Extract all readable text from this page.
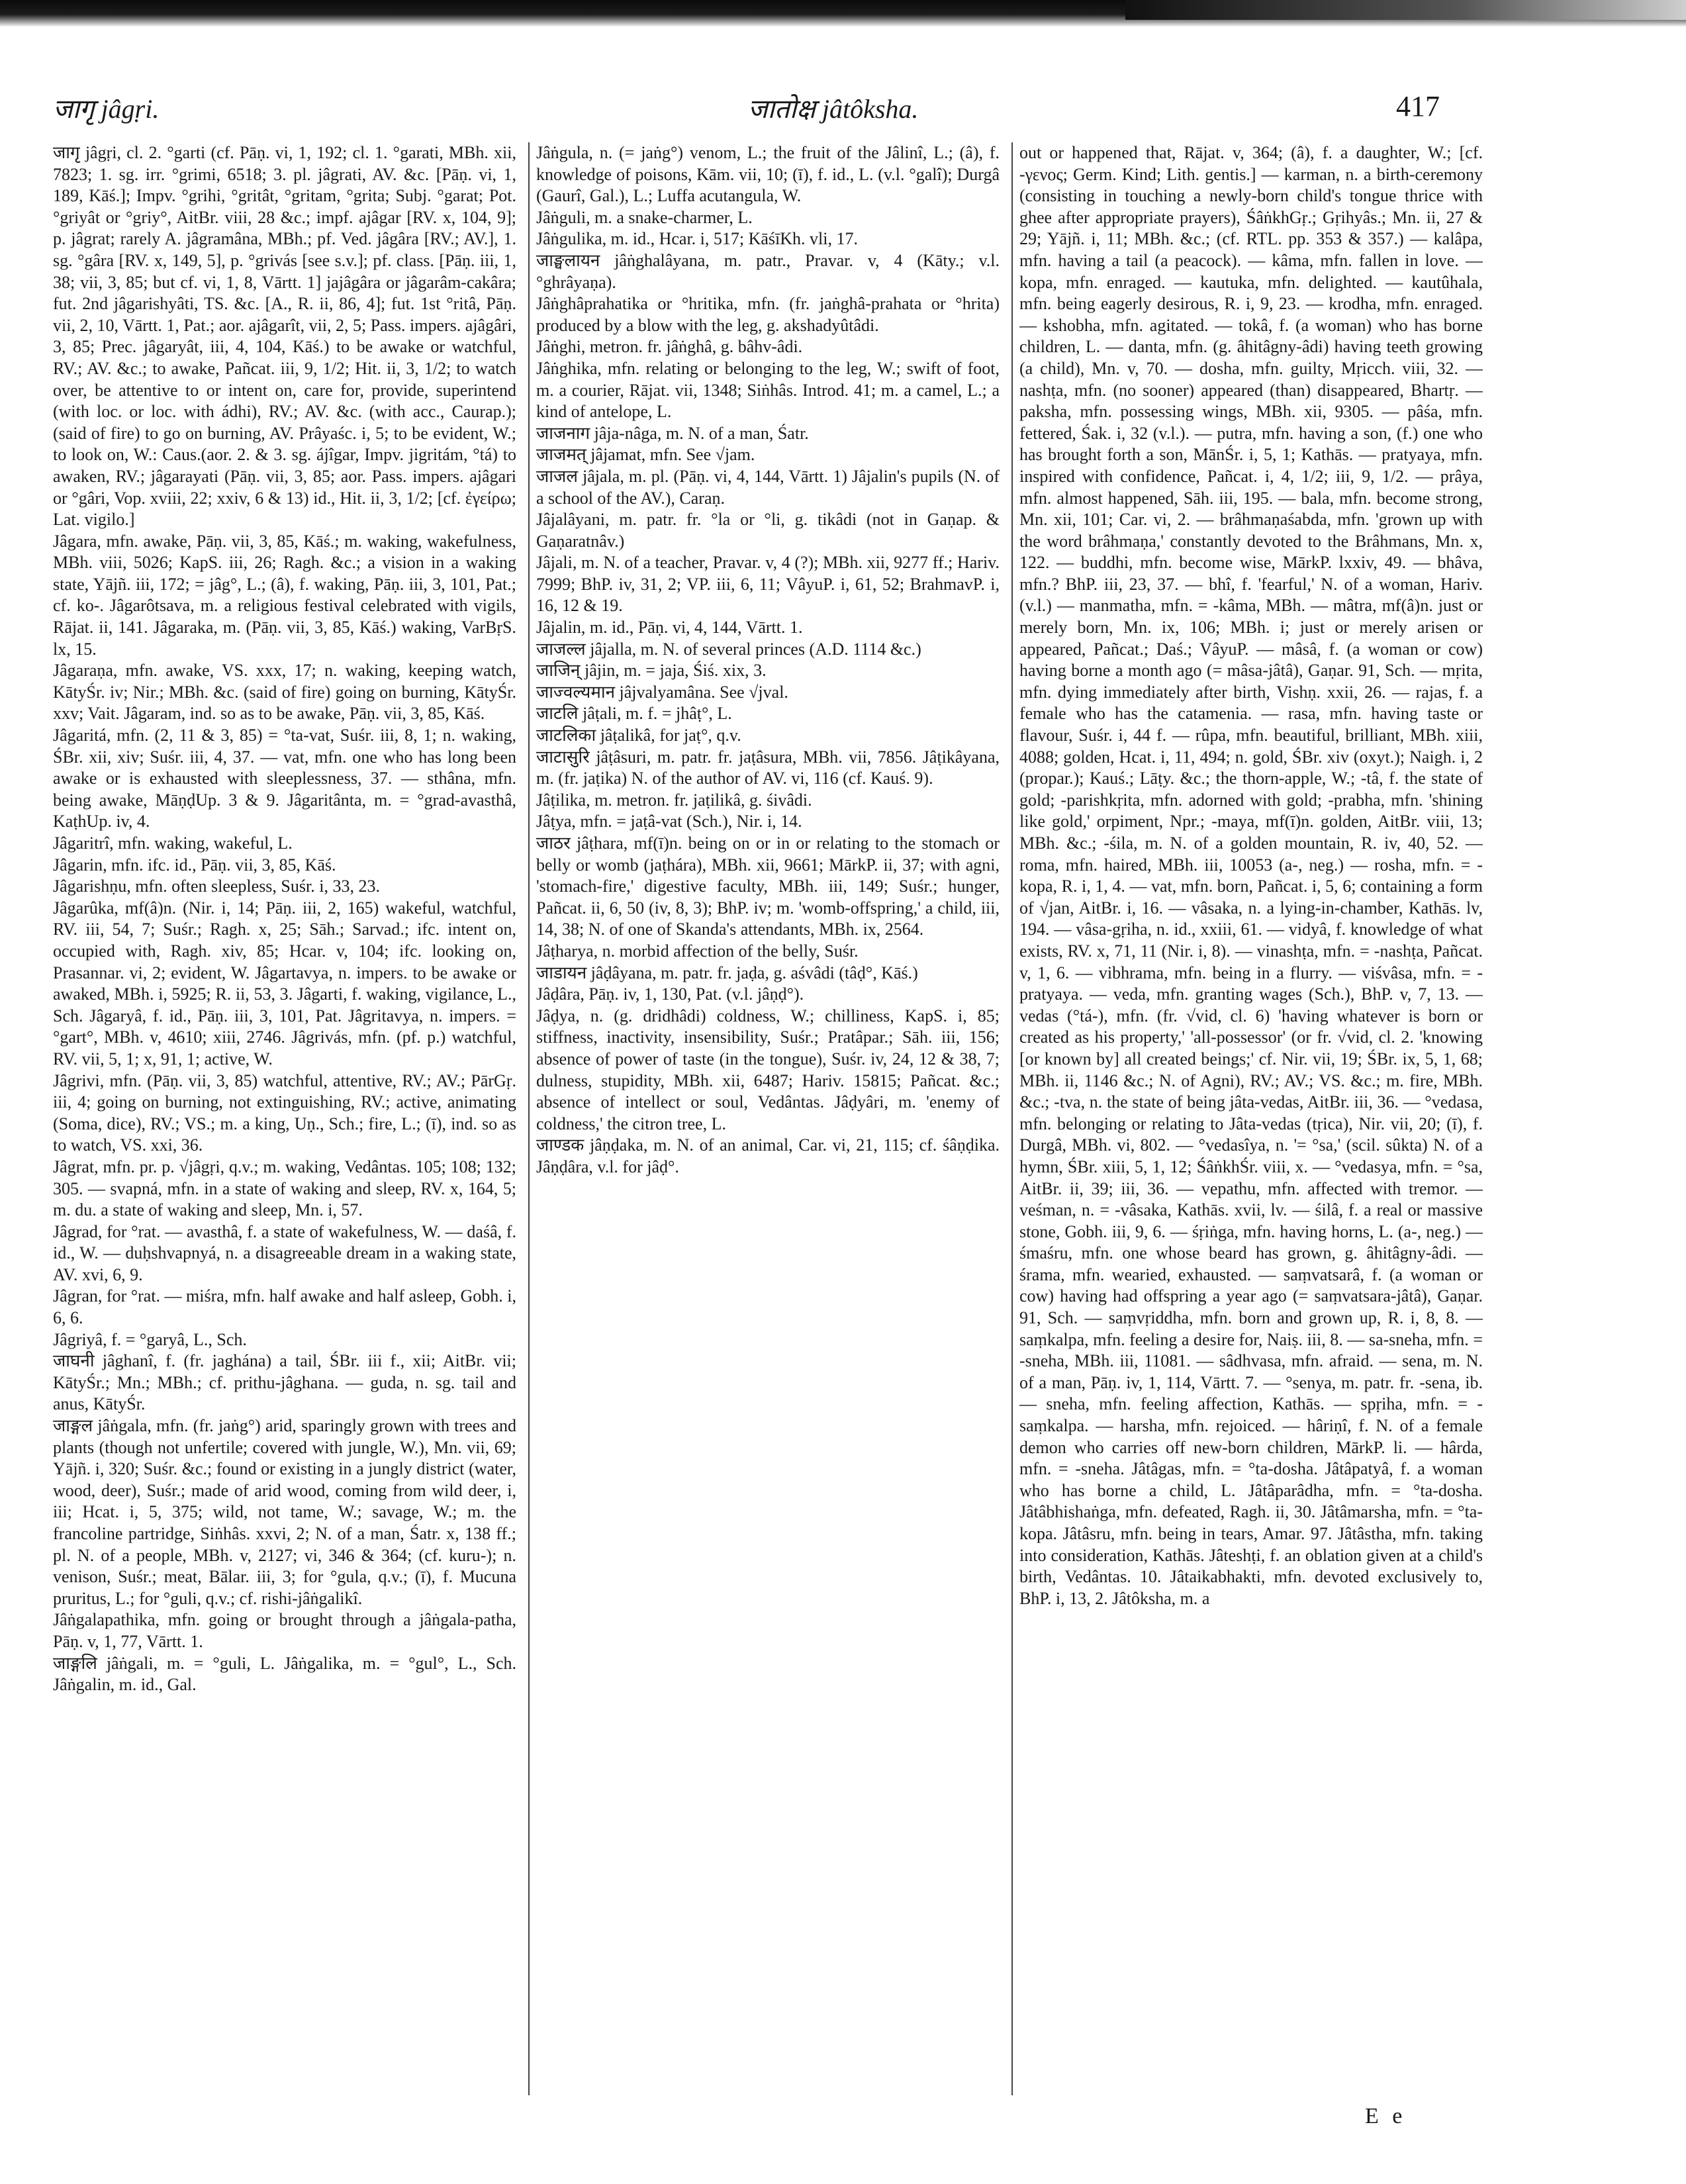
जागृ jâgṛi.	जातोक्ष jâtôksha.	417

जागृ jâgṛi, cl. 2. °garti (cf. Pāṇ. vi, 1, 192; cl. 1. °garati, MBh. xii, 7823; 1. sg. irr. °grimi, 6518; 3. pl. jâgrati, AV. &c. [Pāṇ. vi, 1, 189, Kāś.]; Impv. °grihi, °gritât, °gritam, °grita; Subj. °garat; Pot. °griyât or °griy°, AitBr. viii, 28 &c.; impf. ajâgar [RV. x, 104, 9]; p. jâgrat; rarely A. jâgramâna, MBh.; pf. Ved. jâgâra [RV.; AV.], 1. sg. °gâra [RV. x, 149, 5], p. °grivás [see s.v.]; pf. class. [Pāṇ. iii, 1, 38; vii, 3, 85; but cf. vi, 1, 8, Vārtt. 1] jajâgâra or jâgarâm-cakâra; fut. 2nd jâgarishyâti, TS. &c. [A., R. ii, 86, 4]; fut. 1st °ritâ, Pāṇ. vii, 2, 10, Vārtt. 1, Pat.; aor. ajâgarît, vii, 2, 5; Pass. impers. ajâgâri, 3, 85; Prec. jâgaryât, iii, 4, 104, Kāś.) to be awake or watchful, RV.; AV. &c.; to awake, Pañcat. iii, 9, 1/2; Hit. ii, 3, 1/2; to watch over, be attentive to or intent on, care for, provide, superintend (with loc. or loc. with ádhi), RV.; AV. &c. (with acc., Caurap.); (said of fire) to go on burning, AV. Prâyaśc. i, 5; to be evident, W.; to look on, W.: Caus.(aor. 2. & 3. sg. ájîgar, Impv. jigritám, °tá) to awaken, RV.; jâgarayati (Pāṇ. vii, 3, 85; aor. Pass. impers. ajâgari or °gâri, Vop. xviii, 22; xxiv, 6 & 13) id., Hit. ii, 3, 1/2; [cf. ἐγείρω; Lat. vigilo.]

Jâgara, mfn. awake, Pāṇ. vii, 3, 85, Kāś.; m. waking, wakefulness, MBh. viii, 5026; KapS. iii, 26; Ragh. &c.; a vision in a waking state, Yājñ. iii, 172; = jâg°, L.; (â), f. waking, Pāṇ. iii, 3, 101, Pat.; cf. ko-. Jâgarôtsava, m. a religious festival celebrated with vigils, Rājat. ii, 141. Jâgaraka, m. (Pāṇ. vii, 3, 85, Kāś.) waking, VarBṛS. lx, 15.

Jâgaraṇa, mfn. awake, VS. xxx, 17; n. waking, keeping watch, KātyŚr. iv; Nir.; MBh. &c. (said of fire) going on burning, KātyŚr. xxv; Vait. Jâgaram, ind. so as to be awake, Pāṇ. vii, 3, 85, Kāś.

Jâgaritá, mfn. (2, 11 & 3, 85) = °ta-vat, Suśr. iii, 8, 1; n. waking, ŚBr. xii, xiv; Suśr. iii, 4, 37. — vat, mfn. one who has long been awake or is exhausted with sleeplessness, 37. — sthâna, mfn. being awake, MāṇḍUp. 3 & 9. Jâgaritânta, m. = °grad-avasthâ, KaṭhUp. iv, 4.

Jâgaritrî, mfn. waking, wakeful, L.

Jâgarin, mfn. ifc. id., Pāṇ. vii, 3, 85, Kāś.

Jâgarishṇu, mfn. often sleepless, Suśr. i, 33, 23.

Jâgarûka, mf(â)n. (Nir. i, 14; Pāṇ. iii, 2, 165) wakeful, watchful, RV. iii, 54, 7; Suśr.; Ragh. x, 25; Sāh.; Sarvad.; ifc. intent on, occupied with, Ragh. xiv, 85; Hcar. v, 104; ifc. looking on, Prasannar. vi, 2; evident, W. Jâgartavya, n. impers. to be awake or awaked, MBh. i, 5925; R. ii, 53, 3. Jâgarti, f. waking, vigilance, L., Sch. Jâgaryâ, f. id., Pāṇ. iii, 3, 101, Pat. Jâgritavya, n. impers. = °gart°, MBh. v, 4610; xiii, 2746. Jâgrivás, mfn. (pf. p.) watchful, RV. vii, 5, 1; x, 91, 1; active, W.

Jâgrivi, mfn. (Pāṇ. vii, 3, 85) watchful, attentive, RV.; AV.; PārGṛ. iii, 4; going on burning, not extinguishing, RV.; active, animating (Soma, dice), RV.; VS.; m. a king, Uṇ., Sch.; fire, L.; (ī), ind. so as to watch, VS. xxi, 36.

Jâgrat, mfn. pr. p. √jâgṛi, q.v.; m. waking, Vedântas. 105; 108; 132; 305. — svapná, mfn. in a state of waking and sleep, RV. x, 164, 5; m. du. a state of waking and sleep, Mn. i, 57.

Jâgrad, for °rat. — avasthâ, f. a state of wakefulness, W. — daśâ, f. id., W. — duḥshvapnyá, n. a disagreeable dream in a waking state, AV. xvi, 6, 9.

Jâgran, for °rat. — miśra, mfn. half awake and half asleep, Gobh. i, 6, 6.

Jâgriyâ, f. = °garyâ, L., Sch.

जाघनी jâghanî, f. (fr. jaghána) a tail, ŚBr. iii f., xii; AitBr. vii; KātyŚr.; Mn.; MBh.; cf. prithu-jâghana. — guda, n. sg. tail and anus, KātyŚr.

जाङ्गल jâṅgala, mfn. (fr. jaṅg°) arid, sparingly grown with trees and plants (though not unfertile; covered with jungle, W.), Mn. vii, 69; Yājñ. i, 320; Suśr. &c.; found or existing in a jungly district (water, wood, deer), Suśr.; made of arid wood, coming from wild deer, i, iii; Hcat. i, 5, 375; wild, not tame, W.; savage, W.; m. the francoline partridge, Siṅhâs. xxvi, 2; N. of a man, Śatr. x, 138 ff.; pl. N. of a people, MBh. v, 2127; vi, 346 & 364; (cf. kuru-); n. venison, Suśr.; meat, Bālar. iii, 3; for °gula, q.v.; (ī), f. Mucuna pruritus, L.; for °guli, q.v.; cf. rishi-jâṅgalikî.

Jâṅgalapathika, mfn. going or brought through a jâṅgala-patha, Pāṇ. v, 1, 77, Vārtt. 1.

जाङ्गलि jâṅgali, m. = °guli, L. Jâṅgalika, m. = °gul°, L., Sch. Jâṅgalin, m. id., Gal.

Jâṅgula, n. (= jaṅg°) venom, L.; the fruit of the Jâlinî, L.; (â), f. knowledge of poisons, Kām. vii, 10; (ī), f. id., L. (v.l. °galî); Durgâ (Gaurî, Gal.), L.; Luffa acutangula, W.

Jâṅguli, m. a snake-charmer, L.

Jâṅgulika, m. id., Hcar. i, 517; KāśīKh. vli, 17.

जाङ्घलायन jâṅghalâyana, m. patr., Pravar. v, 4 (Kāty.; v.l. °ghrâyaṇa).

Jâṅghâprahatika or °hritika, mfn. (fr. jaṅghâ-prahata or °hrita) produced by a blow with the leg, g. akshadyûtâdi.

Jâṅghi, metron. fr. jâṅghâ, g. bâhv-âdi.

Jâṅghika, mfn. relating or belonging to the leg, W.; swift of foot, m. a courier, Rājat. vii, 1348; Siṅhâs. Introd. 41; m. a camel, L.; a kind of antelope, L.

जाजनाग jâja-nâga, m. N. of a man, Śatr.

जाजमत् jâjamat, mfn. See √jam.

जाजल jâjala, m. pl. (Pāṇ. vi, 4, 144, Vārtt. 1) Jâjalin's pupils (N. of a school of the AV.), Caraṇ.

Jâjalâyani, m. patr. fr. °la or °li, g. tikâdi (not in Gaṇap. & Gaṇaratnâv.)

Jâjali, m. N. of a teacher, Pravar. v, 4 (?); MBh. xii, 9277 ff.; Hariv. 7999; BhP. iv, 31, 2; VP. iii, 6, 11; VâyuP. i, 61, 52; BrahmavP. i, 16, 12 & 19.

Jâjalin, m. id., Pāṇ. vi, 4, 144, Vārtt. 1.

जाजल्ल jâjalla, m. N. of several princes (A.D. 1114 &c.)

जाजिन् jâjin, m. = jaja, Śiś. xix, 3.

जाज्वल्यमान jâjvalyamâna. See √jval.

जाटलि jâṭali, m. f. = jhâṭ°, L.

जाटलिका jâṭalikâ, for jaṭ°, q.v.

जाटासुरि jâṭâsuri, m. patr. fr. jaṭâsura, MBh. vii, 7856. Jâṭikâyana, m. (fr. jaṭika) N. of the author of AV. vi, 116 (cf. Kauś. 9).

Jâṭilika, m. metron. fr. jaṭilikâ, g. śivâdi.

Jâṭya, mfn. = jaṭâ-vat (Sch.), Nir. i, 14.

जाठर jâṭhara, mf(ī)n. being on or in or relating to the stomach or belly or womb (jaṭhára), MBh. xii, 9661; MārkP. ii, 37; with agni, 'stomach-fire,' digestive faculty, MBh. iii, 149; Suśr.; hunger, Pañcat. ii, 6, 50 (iv, 8, 3); BhP. iv; m. 'womb-offspring,' a child, iii, 14, 38; N. of one of Skanda's attendants, MBh. ix, 2564.

Jâṭharya, n. morbid affection of the belly, Suśr.

जाडायन jâḍâyana, m. patr. fr. jaḍa, g. aśvâdi (tâḍ°, Kāś.)

Jâḍâra, Pāṇ. iv, 1, 130, Pat. (v.l. jâṇḍ°).

Jâḍya, n. (g. dridhâdi) coldness, W.; chilliness, KapS. i, 85; stiffness, inactivity, insensibility, Suśr.; Pratâpar.; Sāh. iii, 156; absence of power of taste (in the tongue), Suśr. iv, 24, 12 & 38, 7; dulness, stupidity, MBh. xii, 6487; Hariv. 15815; Pañcat. &c.; absence of intellect or soul, Vedântas. Jâḍyâri, m. 'enemy of coldness,' the citron tree, L.

जाण्डक jâṇḍaka, m. N. of an animal, Car. vi, 21, 115; cf. śâṇḍika. Jâṇḍâra, v.l. for jâḍ°.

out or happened that, Rājat. v, 364; (â), f. a daughter, W.; [cf. -γενος; Germ. Kind; Lith. gentis.] — karman, n. a birth-ceremony (consisting in touching a newly-born child's tongue thrice with ghee after appropriate prayers), ŚâṅkhGṛ.; Gṛihyâs.; Mn. ii, 27 & 29; Yājñ. i, 11; MBh. &c.; (cf. RTL. pp. 353 & 357.) — kalâpa, mfn. having a tail (a peacock). — kâma, mfn. fallen in love. — kopa, mfn. enraged. — kautuka, mfn. delighted. — kautûhala, mfn. being eagerly desirous, R. i, 9, 23. — krodha, mfn. enraged. — kshobha, mfn. agitated. — tokâ, f. (a woman) who has borne children, L. — danta, mfn. (g. âhitâgny-âdi) having teeth growing (a child), Mn. v, 70. — dosha, mfn. guilty, Mṛicch. viii, 32. — nashṭa, mfn. (no sooner) appeared (than) disappeared, Bhartṛ. — paksha, mfn. possessing wings, MBh. xii, 9305. — pâśa, mfn. fettered, Śak. i, 32 (v.l.). — putra, mfn. having a son, (f.) one who has brought forth a son, MānŚr. i, 5, 1; Kathās. — pratyaya, mfn. inspired with confidence, Pañcat. i, 4, 1/2; iii, 9, 1/2. — prâya, mfn. almost happened, Sāh. iii, 195. — bala, mfn. become strong, Mn. xii, 101; Car. vi, 2. — brâhmaṇaśabda, mfn. 'grown up with the word brâhmaṇa,' constantly devoted to the Brâhmans, Mn. x, 122. — buddhi, mfn. become wise, MārkP. lxxiv, 49. — bhâva, mfn.? BhP. iii, 23, 37. — bhî, f. 'fearful,' N. of a woman, Hariv. (v.l.) — manmatha, mfn. = -kâma, MBh. — mâtra, mf(â)n. just or merely born, Mn. ix, 106; MBh. i; just or merely arisen or appeared, Pañcat.; Daś.; VâyuP. — mâsâ, f. (a woman or cow) having borne a month ago (= mâsa-jâtâ), Gaṇar. 91, Sch. — mṛita, mfn. dying immediately after birth, Vishṇ. xxii, 26. — rajas, f. a female who has the catamenia. — rasa, mfn. having taste or flavour, Suśr. i, 44 f. — rûpa, mfn. beautiful, brilliant, MBh. xiii, 4088; golden, Hcat. i, 11, 494; n. gold, ŚBr. xiv (oxyt.); Naigh. i, 2 (propar.); Kauś.; Lāṭy. &c.; the thorn-apple, W.; -tâ, f. the state of gold; -parishkṛita, mfn. adorned with gold; -prabha, mfn. 'shining like gold,' orpiment, Npr.; -maya, mf(ī)n. golden, AitBr. viii, 13; MBh. &c.; -śila, m. N. of a golden mountain, R. iv, 40, 52. — roma, mfn. haired, MBh. iii, 10053 (a-, neg.) — rosha, mfn. = -kopa, R. i, 1, 4. — vat, mfn. born, Pañcat. i, 5, 6; containing a form of √jan, AitBr. i, 16. — vâsaka, n. a lying-in-chamber, Kathās. lv, 194. — vâsa-gṛiha, n. id., xxiii, 61. — vidyâ, f. knowledge of what exists, RV. x, 71, 11 (Nir. i, 8). — vinashṭa, mfn. = -nashṭa, Pañcat. v, 1, 6. — vibhrama, mfn. being in a flurry. — viśvâsa, mfn. = -pratyaya. — veda, mfn. granting wages (Sch.), BhP. v, 7, 13. — vedas (°tá-), mfn. (fr. √vid, cl. 6) 'having whatever is born or created as his property,' 'all-possessor' (or fr. √vid, cl. 2. 'knowing [or known by] all created beings;' cf. Nir. vii, 19; ŚBr. ix, 5, 1, 68; MBh. ii, 1146 &c.; N. of Agni), RV.; AV.; VS. &c.; m. fire, MBh. &c.; -tva, n. the state of being jâta-vedas, AitBr. iii, 36. — °vedasa, mfn. belonging or relating to Jâta-vedas (tṛica), Nir. vii, 20; (ī), f. Durgâ, MBh. vi, 802. — °vedasîya, n. '= °sa,' (scil. sûkta) N. of a hymn, ŚBr. xiii, 5, 1, 12; ŚâṅkhŚr. viii, x. — °vedasya, mfn. = °sa, AitBr. ii, 39; iii, 36. — vepathu, mfn. affected with tremor. — veśman, n. = -vâsaka, Kathās. xvii, lv. — śilâ, f. a real or massive stone, Gobh. iii, 9, 6. — śṛiṅga, mfn. having horns, L. (a-, neg.) — śmaśru, mfn. one whose beard has grown, g. âhitâgny-âdi. — śrama, mfn. wearied, exhausted. — saṃvatsarâ, f. (a woman or cow) having had offspring a year ago (= saṃvatsara-jâtâ), Gaṇar. 91, Sch. — saṃvṛiddha, mfn. born and grown up, R. i, 8, 8. — saṃkalpa, mfn. feeling a desire for, Naiṣ. iii, 8. — sa-sneha, mfn. = -sneha, MBh. iii, 11081. — sâdhvasa, mfn. afraid. — sena, m. N. of a man, Pāṇ. iv, 1, 114, Vārtt. 7. — °senya, m. patr. fr. -sena, ib. — sneha, mfn. feeling affection, Kathās. — spṛiha, mfn. = -saṃkalpa. — harsha, mfn. rejoiced. — hâriṇî, f. N. of a female demon who carries off new-born children, MārkP. li. — hârda, mfn. = -sneha. Jâtâgas, mfn. = °ta-dosha. Jâtâpatyâ, f. a woman who has borne a child, L. Jâtâparâdha, mfn. = °ta-dosha. Jâtâbhishaṅga, mfn. defeated, Ragh. ii, 30. Jâtâmarsha, mfn. = °ta-kopa. Jâtâsru, mfn. being in tears, Amar. 97. Jâtâstha, mfn. taking into consideration, Kathās. Jâteshṭi, f. an oblation given at a child's birth, Vedântas. 10. Jâtaikabhakti, mfn. devoted exclusively to, BhP. i, 13, 2. Jâtôksha, m. a

E e
